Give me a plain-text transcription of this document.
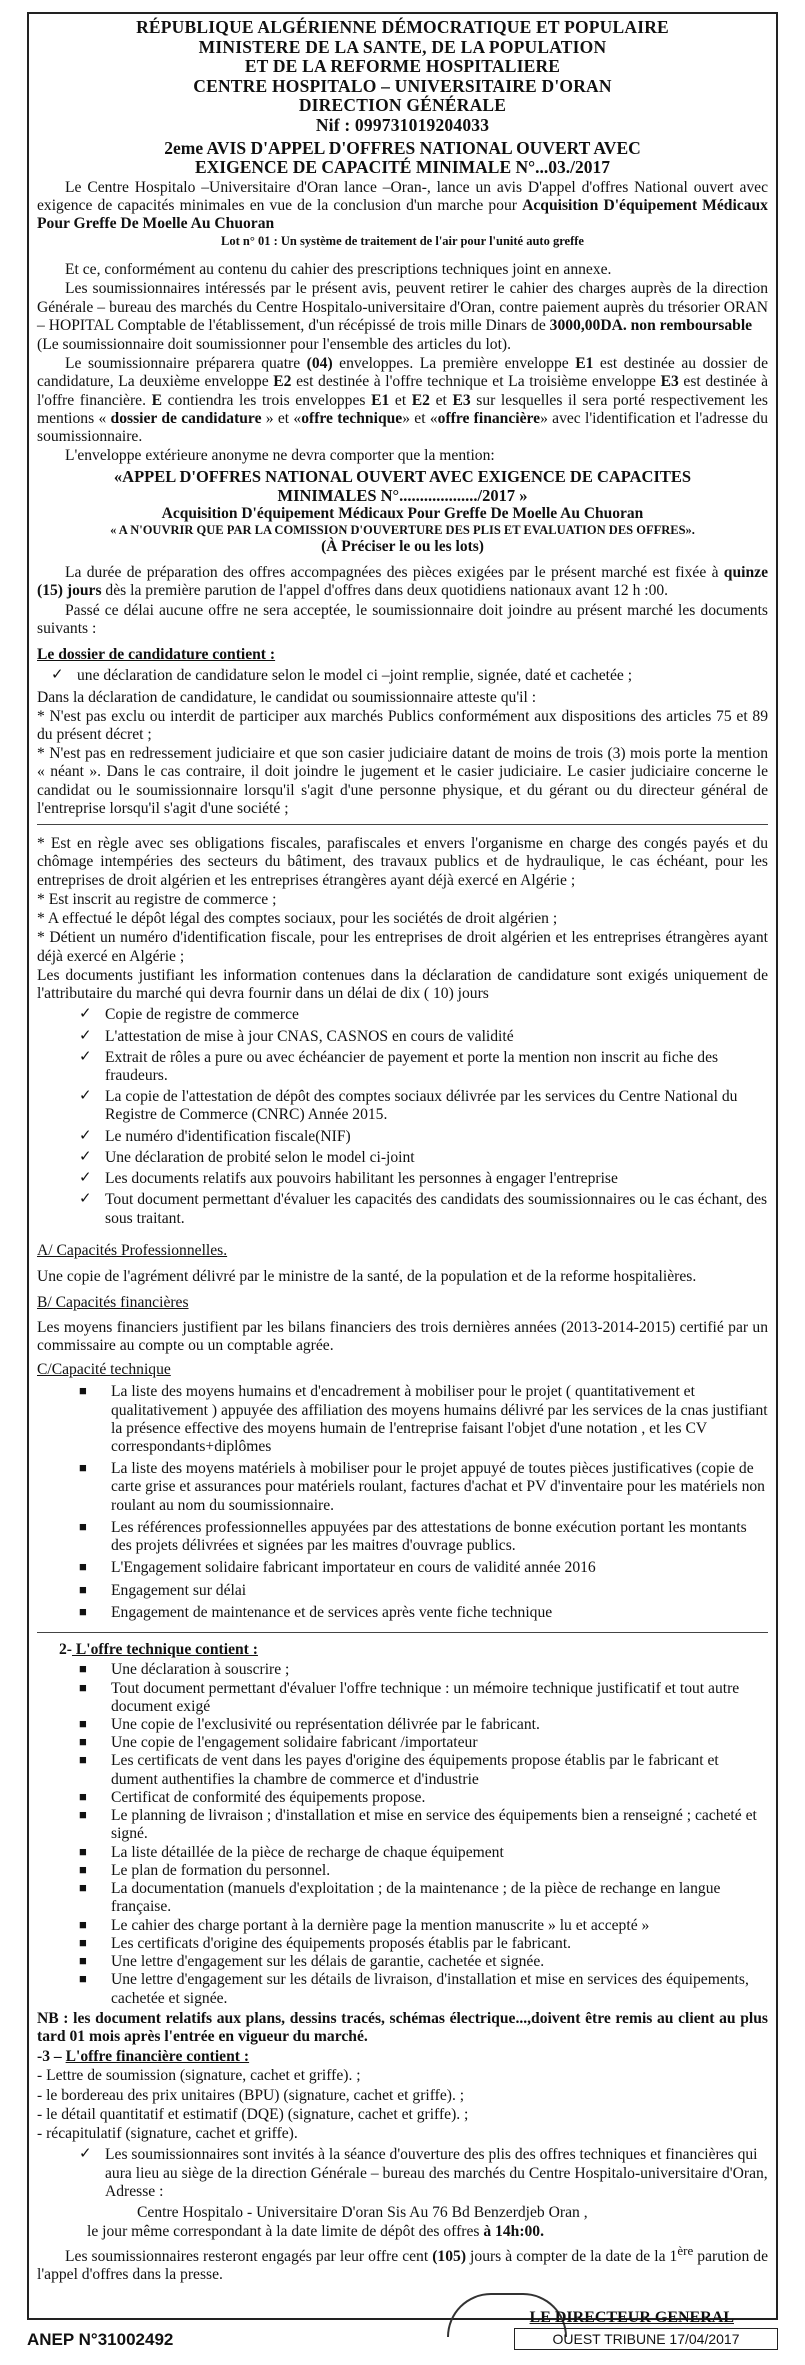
RÉPUBLIQUE ALGÉRIENNE DÉMOCRATIQUE ET POPULAIRE
MINISTERE DE LA SANTE, DE LA POPULATION
ET DE LA REFORME HOSPITALIERE
CENTRE HOSPITALO – UNIVERSITAIRE D'ORAN
DIRECTION GÉNÉRALE
Nif : 099731019204033
2eme AVIS D'APPEL D'OFFRES NATIONAL OUVERT AVEC
EXIGENCE DE CAPACITÉ MINIMALE N°...03./2017

Le Centre Hospitalo –Universitaire d'Oran lance –Oran-, lance un avis D'appel d'offres National ouvert avec exigence de capacités minimales en vue de la conclusion d'un marche pour Acquisition D'équipement Médicaux Pour Greffe De Moelle Au Chuoran

Lot n° 01 : Un système de traitement de l'air pour l'unité auto greffe

Et ce, conformément au contenu du cahier des prescriptions techniques joint en annexe.

Les soumissionnaires intéressés par le présent avis, peuvent retirer le cahier des charges auprès de la direction Générale – bureau des marchés du Centre Hospitalo-universitaire d'Oran, contre paiement auprès du trésorier ORAN – HOPITAL Comptable de l'établissement, d'un récépissé de trois mille Dinars de 3000,00DA. non remboursable

(Le soumissionnaire doit soumissionner pour l'ensemble des articles du lot).

Le soumissionnaire préparera quatre (04) enveloppes. La première enveloppe E1 est destinée au dossier de candidature, La deuxième enveloppe E2 est destinée à l'offre technique et La troisième enveloppe E3 est destinée à l'offre financière. E contiendra les trois enveloppes E1 et E2 et E3 sur lesquelles il sera porté respectivement les mentions « dossier de candidature » et «offre technique» et «offre financière» avec l'identification et l'adresse du soumissionnaire.

L'enveloppe extérieure anonyme ne devra comporter que la mention:

«APPEL D'OFFRES NATIONAL OUVERT AVEC EXIGENCE DE CAPACITES
MINIMALES N°.................../2017 »
Acquisition D'équipement Médicaux Pour Greffe De Moelle Au Chuoran
« A N'OUVRIR QUE PAR LA COMISSION D'OUVERTURE DES PLIS ET EVALUATION DES OFFRES».
(À Préciser le ou les lots)

La durée de préparation des offres accompagnées des pièces exigées par le présent marché est fixée à quinze (15) jours dès la première parution de l'appel d'offres dans deux quotidiens nationaux avant 12 h :00.

Passé ce délai aucune offre ne sera acceptée, le soumissionnaire doit joindre au présent marché les documents suivants :

Le dossier de candidature contient :

✓ une déclaration de candidature selon le model ci –joint remplie, signée, daté et cachetée ;

Dans la déclaration de candidature, le candidat ou soumissionnaire atteste qu'il :

* N'est pas exclu ou interdit de participer aux marchés Publics conformément aux dispositions des articles 75 et 89 du présent décret ;

* N'est pas en redressement judiciaire et que son casier judiciaire datant de moins de trois (3) mois porte la mention « néant ». Dans le cas contraire, il doit joindre le jugement et le casier judiciaire. Le casier judiciaire concerne le candidat ou le soumissionnaire lorsqu'il s'agit d'une personne physique, et du gérant ou du directeur général de l'entreprise lorsqu'il s'agit d'une société ;

* Est en règle avec ses obligations fiscales, parafiscales et envers l'organisme en charge des congés payés et du chômage intempéries des secteurs du bâtiment, des travaux publics et de hydraulique, le cas échéant, pour les entreprises de droit algérien et les entreprises étrangères ayant déjà exercé en Algérie ;

* Est inscrit au registre de commerce ;

* A effectué le dépôt légal des comptes sociaux, pour les sociétés de droit algérien ;

* Détient un numéro d'identification fiscale, pour les entreprises de droit algérien et les entreprises étrangères ayant déjà exercé en Algérie ;

Les documents justifiant les information contenues dans la déclaration de candidature sont exigés uniquement de l'attributaire du marché qui devra fournir dans un délai de dix ( 10) jours

✓ Copie de registre de commerce
✓ L'attestation de mise à jour CNAS, CASNOS en cours de validité
✓ Extrait de rôles a pure ou avec échéancier de payement et porte la mention non inscrit au fiche des fraudeurs.
✓ La copie de l'attestation de dépôt des comptes sociaux délivrée par les services du Centre National du Registre de Commerce (CNRC) Année 2015.
✓ Le numéro d'identification fiscale(NIF)
✓ Une déclaration de probité selon le model ci-joint
✓ Les documents relatifs aux pouvoirs habilitant les personnes à engager l'entreprise
✓ Tout document permettant d'évaluer les capacités des candidats des soumissionnaires ou le cas échant, des sous traitant.

A/ Capacités Professionnelles.

Une copie de l'agrément délivré par le ministre de la santé, de la population et de la reforme hospitalières.

B/ Capacités financières

Les moyens financiers justifient par les bilans financiers des trois dernières années (2013-2014-2015) certifié par un commissaire au compte ou un comptable agrée.

C/Capacité technique

■ La liste des moyens humains et d'encadrement à mobiliser pour le projet ( quantitativement et qualitativement ) appuyée des affiliation des moyens humains délivré par les services de la cnas justifiant la présence effective des moyens humain de l'entreprise faisant l'objet d'une notation , et les CV correspondants+diplômes
■ La liste des moyens matériels à mobiliser pour le projet appuyé de toutes pièces justificatives (copie de carte grise et assurances pour matériels roulant, factures d'achat et PV d'inventaire pour les matériels non roulant au nom du soumissionnaire.
■ Les références professionnelles appuyées par des attestations de bonne exécution portant les montants des projets délivrées et signées par les maitres d'ouvrage publics.
■ L'Engagement solidaire fabricant importateur en cours de validité année 2016
■ Engagement sur délai
■ Engagement de maintenance et de services après vente fiche technique

2- L'offre technique contient :

■ Une déclaration à souscrire ;
■ Tout document permettant d'évaluer l'offre technique : un mémoire technique justificatif et tout autre document exigé
■ Une copie de l'exclusivité ou représentation délivrée par le fabricant.
■ Une copie de l'engagement solidaire fabricant /importateur
■ Les certificats de vent dans les payes d'origine des équipements propose établis par le fabricant et dument authentifies la chambre de commerce et d'industrie
■ Certificat de conformité des équipements propose.
■ Le planning de livraison ; d'installation et mise en service des équipements bien a renseigné ; cacheté et signé.
■ La liste détaillée de la pièce de recharge de chaque équipement
■ Le plan de formation du personnel.
■ La documentation (manuels d'exploitation ; de la maintenance ; de la pièce de rechange en langue française.
■ Le cahier des charge portant à la dernière page la mention manuscrite » lu et accepté »
■ Les certificats d'origine des équipements proposés établis par le fabricant.
■ Une lettre d'engagement sur les délais de garantie, cachetée et signée.
■ Une lettre d'engagement sur les détails de livraison, d'installation et mise en services des équipements, cachetée et signée.

NB : les document relatifs aux plans, dessins tracés, schémas électrique...,doivent être remis au client au plus tard 01 mois après l'entrée en vigueur du marché.

-3 – L'offre financière contient :

- Lettre de soumission (signature, cachet et griffe). ;

- le bordereau des prix unitaires (BPU) (signature, cachet et griffe). ;

- le détail quantitatif et estimatif (DQE) (signature, cachet et griffe). ;

- récapitulatif (signature, cachet et griffe).

✓ Les soumissionnaires sont invités à la séance d'ouverture des plis des offres techniques et financières qui aura lieu au siège de la direction Générale – bureau des marchés du Centre Hospitalo-universitaire d'Oran, Adresse :

Centre Hospitalo - Universitaire D'oran Sis Au 76 Bd Benzerdjeb Oran ,

le jour même correspondant à la date limite de dépôt des offres à 14h:00.

Les soumissionnaires resteront engagés par leur offre cent (105) jours à compter de la date de la 1ère parution de l'appel d'offres dans la presse.

LE DIRECTEUR GENERAL
ANEP N°31002492	OUEST TRIBUNE 17/04/2017
